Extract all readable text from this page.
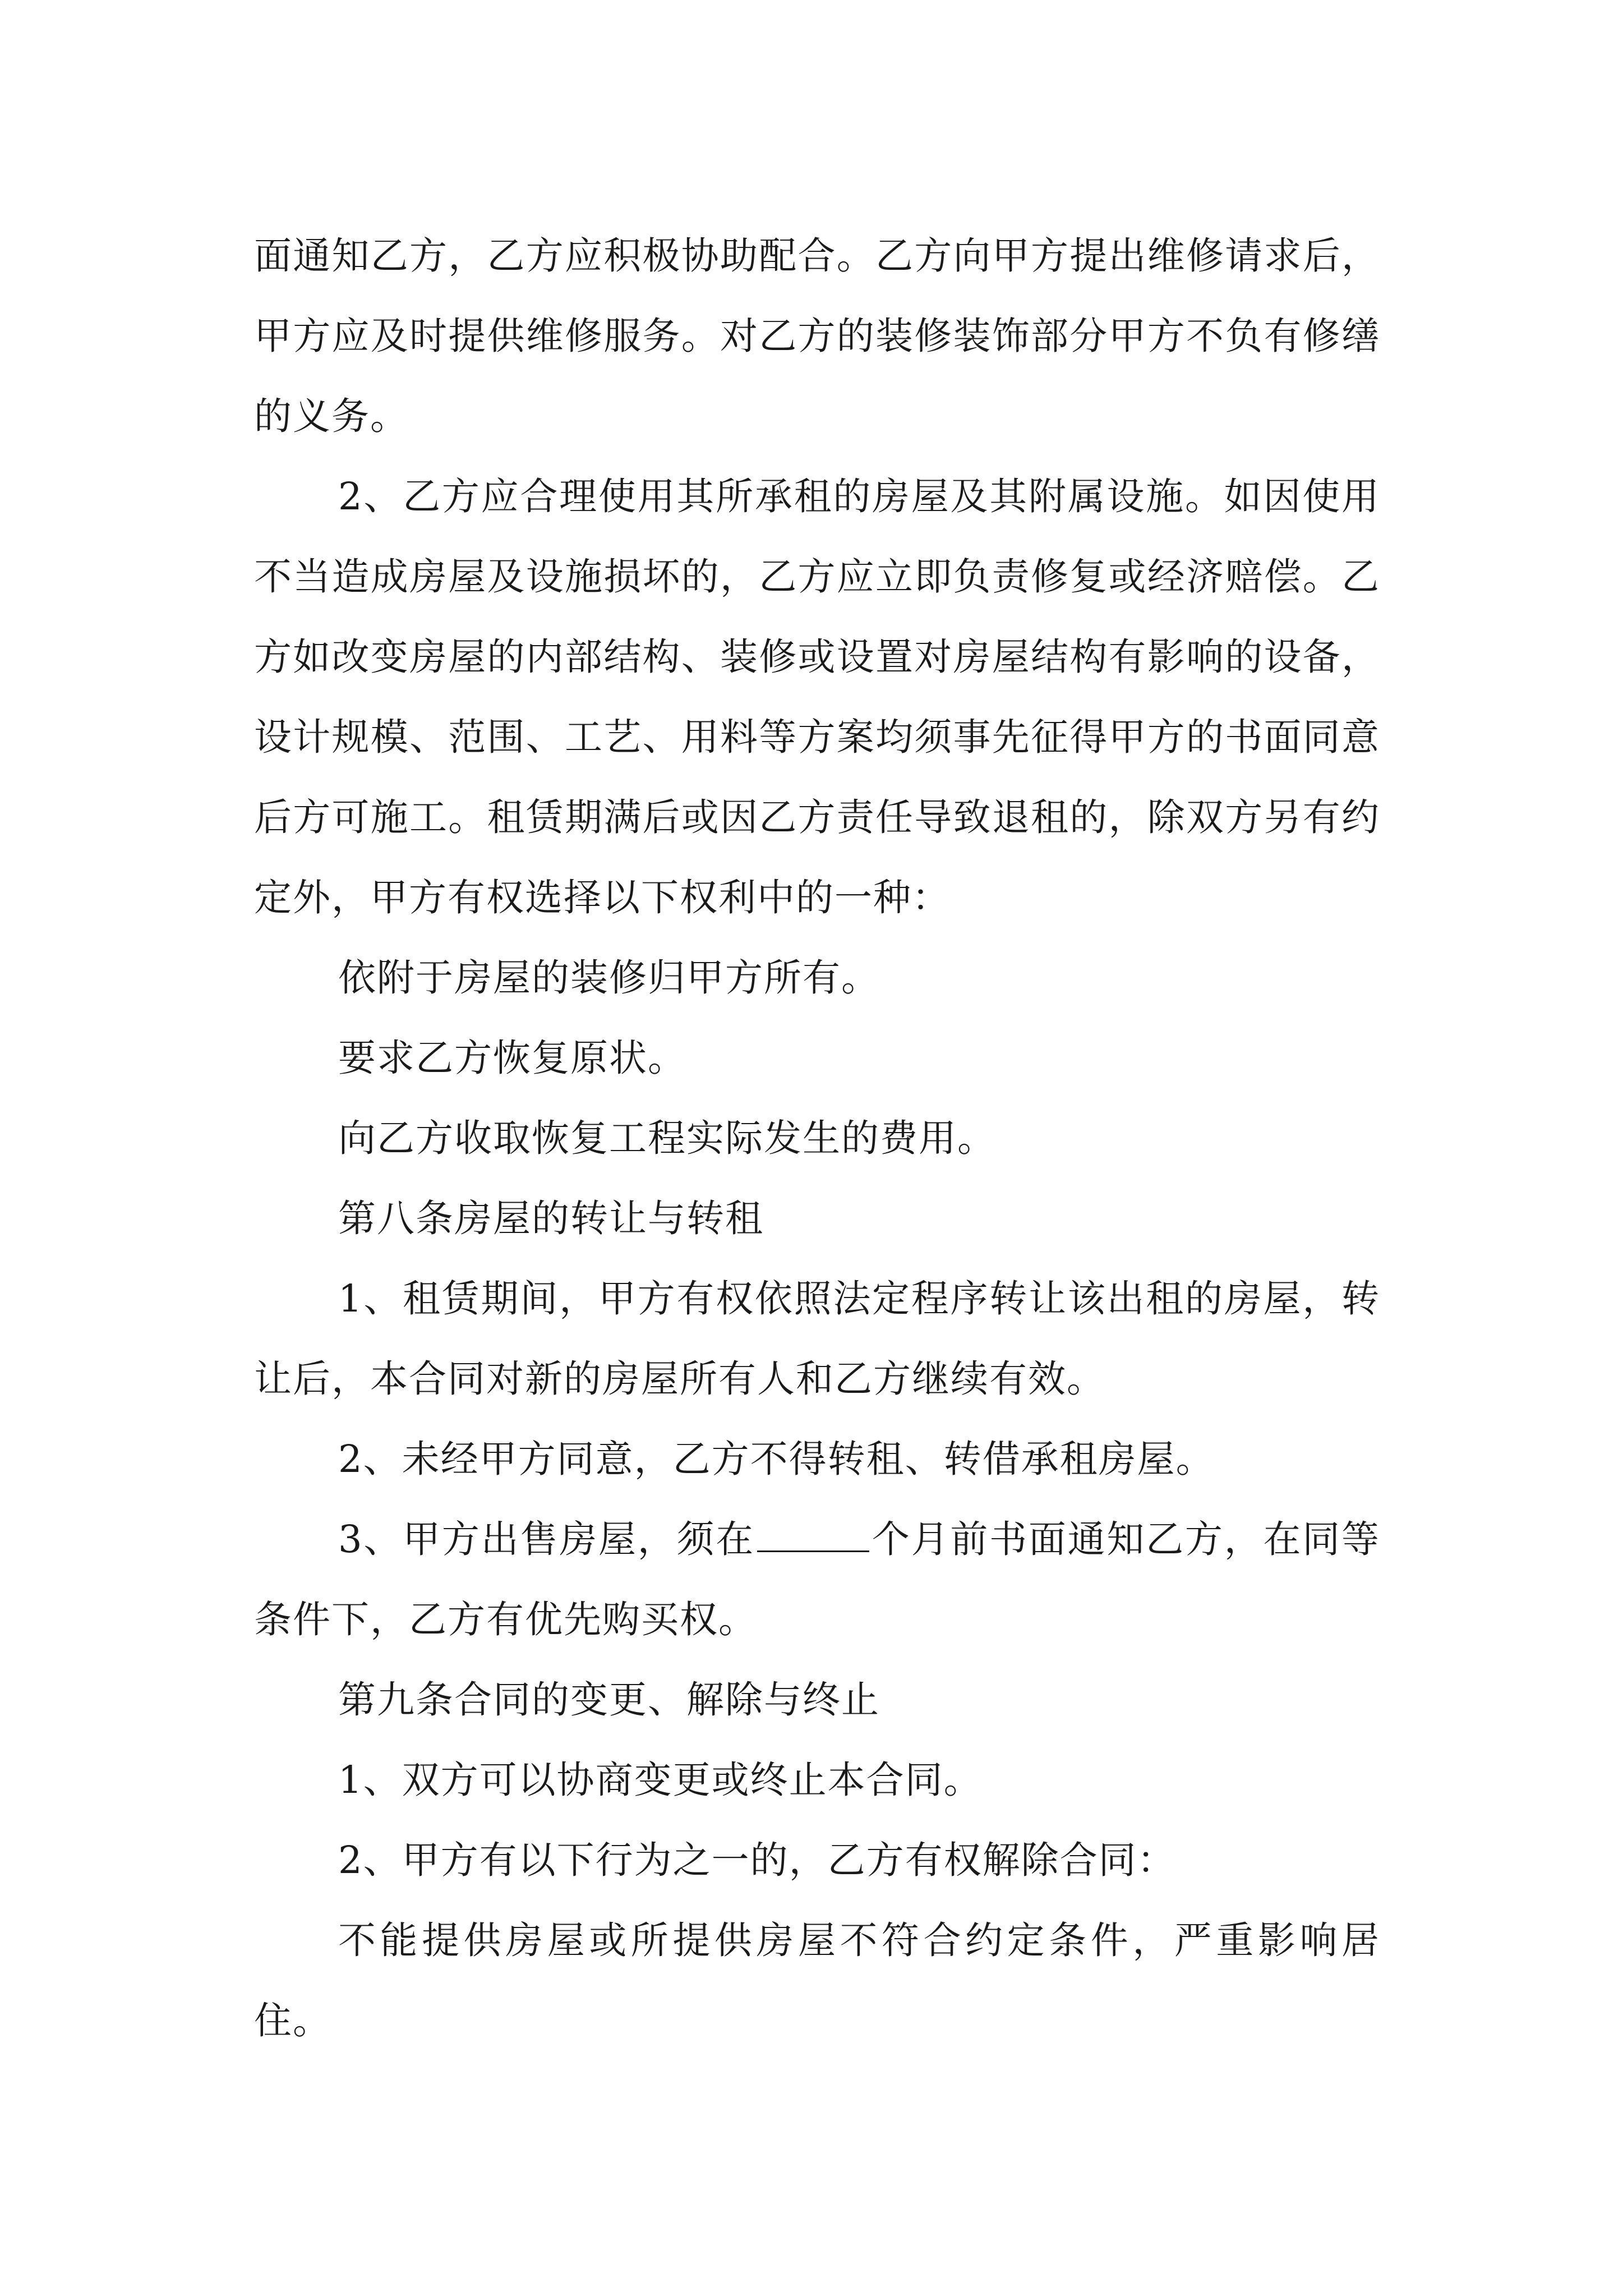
面通知乙方，乙方应积极协助配合。乙方向甲方提出维修请求后，甲方应及时提供维修服务。对乙方的装修装饰部分甲方不负有修缮的义务。

2、乙方应合理使用其所承租的房屋及其附属设施。如因使用不当造成房屋及设施损坏的，乙方应立即负责修复或经济赔偿。乙方如改变房屋的内部结构、装修或设置对房屋结构有影响的设备，设计规模、范围、工艺、用料等方案均须事先征得甲方的书面同意后方可施工。租赁期满后或因乙方责任导致退租的，除双方另有约定外，甲方有权选择以下权利中的一种：

依附于房屋的装修归甲方所有。

要求乙方恢复原状。

向乙方收取恢复工程实际发生的费用。

第八条房屋的转让与转租

1、租赁期间，甲方有权依照法定程序转让该出租的房屋，转让后，本合同对新的房屋所有人和乙方继续有效。

2、未经甲方同意，乙方不得转租、转借承租房屋。

3、甲方出售房屋，须在	个月前书面通知乙方，在同等条件下，乙方有优先购买权。

第九条合同的变更、解除与终止

1、双方可以协商变更或终止本合同。

2、甲方有以下行为之一的，乙方有权解除合同：

不能提供房屋或所提供房屋不符合约定条件，严重影响居住。
